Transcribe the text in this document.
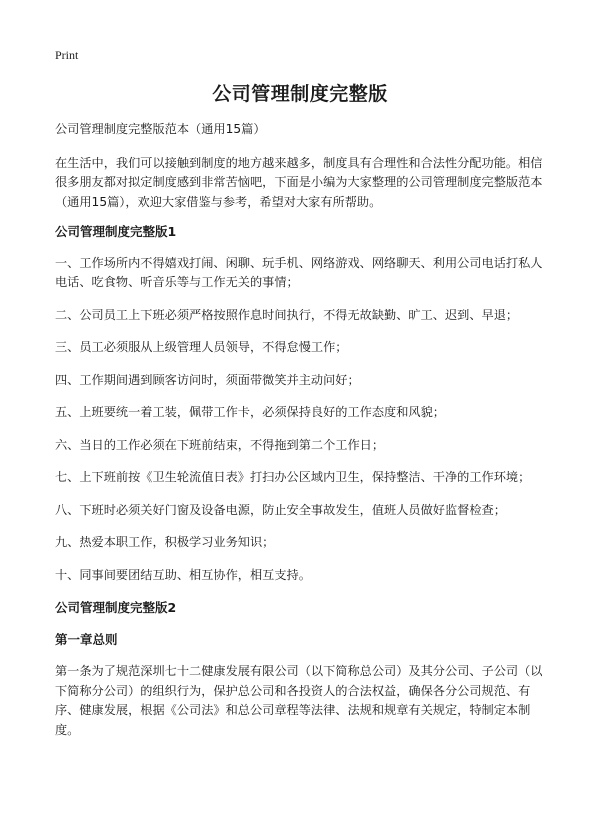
Print
公司管理制度完整版

公司管理制度完整版范本（通用15篇）

在生活中，我们可以接触到制度的地方越来越多，制度具有合理性和合法性分配功能。相信很多朋友都对拟定制度感到非常苦恼吧，下面是小编为大家整理的公司管理制度完整版范本（通用15篇），欢迎大家借鉴与参考，希望对大家有所帮助。

公司管理制度完整版1

一、工作场所内不得嬉戏打闹、闲聊、玩手机、网络游戏、网络聊天、利用公司电话打私人电话、吃食物、听音乐等与工作无关的事情；

二、公司员工上下班必须严格按照作息时间执行，不得无故缺勤、旷工、迟到、早退；

三、员工必须服从上级管理人员领导，不得怠慢工作；

四、工作期间遇到顾客访问时，须面带微笑并主动问好；

五、上班要统一着工装，佩带工作卡，必须保持良好的工作态度和风貌；

六、当日的工作必须在下班前结束，不得拖到第二个工作日；

七、上下班前按《卫生轮流值日表》打扫办公区域内卫生，保持整洁、干净的工作环境；

八、下班时必须关好门窗及设备电源，防止安全事故发生，值班人员做好监督检查；

九、热爱本职工作，积极学习业务知识；

十、同事间要团结互助、相互协作，相互支持。

公司管理制度完整版2

第一章总则

第一条为了规范深圳七十二健康发展有限公司（以下简称总公司）及其分公司、子公司（以下简称分公司）的组织行为，保护总公司和各投资人的合法权益，确保各分公司规范、有序、健康发展，根据《公司法》和总公司章程等法律、法规和规章有关规定，特制定本制度。
